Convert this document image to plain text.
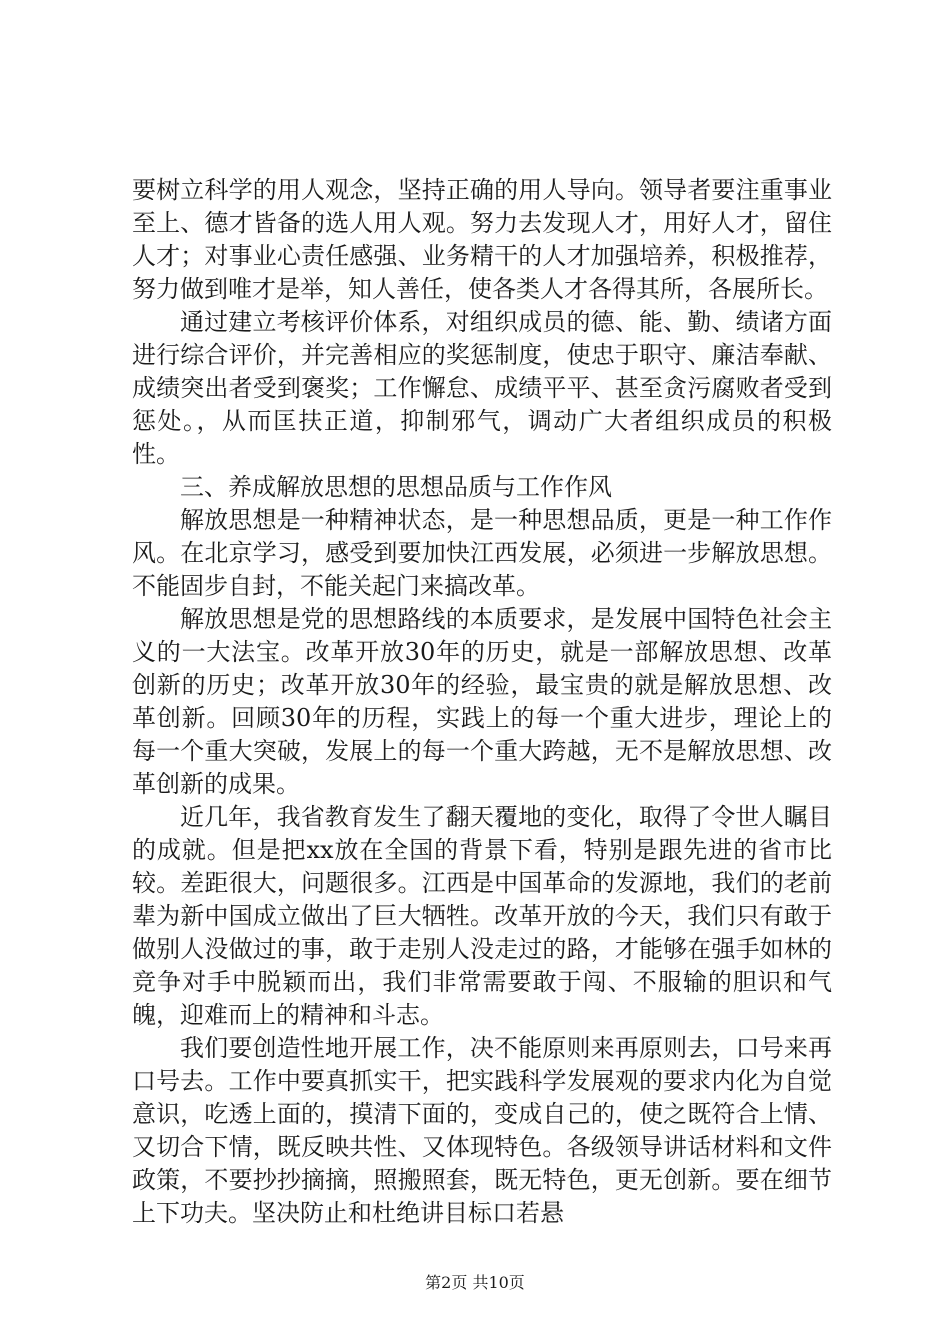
要树立科学的用人观念，坚持正确的用人导向。领导者要注重事业至上、德才皆备的选人用人观。努力去发现人才，用好人才，留住人才；对事业心责任感强、业务精干的人才加强培养，积极推荐，努力做到唯才是举，知人善任，使各类人才各得其所，各展所长。

通过建立考核评价体系，对组织成员的德、能、勤、绩诸方面进行综合评价，并完善相应的奖惩制度，使忠于职守、廉洁奉献、成绩突出者受到褒奖；工作懈怠、成绩平平、甚至贪污腐败者受到惩处。，从而匡扶正道，抑制邪气，调动广大者组织成员的积极性。

三、养成解放思想的思想品质与工作作风

解放思想是一种精神状态，是一种思想品质，更是一种工作作风。在北京学习，感受到要加快江西发展，必须进一步解放思想。不能固步自封，不能关起门来搞改革。

解放思想是党的思想路线的本质要求，是发展中国特色社会主义的一大法宝。改革开放30年的历史，就是一部解放思想、改革创新的历史；改革开放30年的经验，最宝贵的就是解放思想、改革创新。回顾30年的历程，实践上的每一个重大进步，理论上的每一个重大突破，发展上的每一个重大跨越，无不是解放思想、改革创新的成果。

近几年，我省教育发生了翻天覆地的变化，取得了令世人瞩目的成就。但是把xx放在全国的背景下看，特别是跟先进的省市比较。差距很大，问题很多。江西是中国革命的发源地，我们的老前辈为新中国成立做出了巨大牺牲。改革开放的今天，我们只有敢于做别人没做过的事，敢于走别人没走过的路，才能够在强手如林的竞争对手中脱颖而出，我们非常需要敢于闯、不服输的胆识和气魄，迎难而上的精神和斗志。

我们要创造性地开展工作，决不能原则来再原则去，口号来再口号去。工作中要真抓实干，把实践科学发展观的要求内化为自觉意识，吃透上面的，摸清下面的，变成自己的，使之既符合上情、又切合下情，既反映共性、又体现特色。各级领导讲话材料和文件政策，不要抄抄摘摘，照搬照套，既无特色，更无创新。要在细节上下功夫。坚决防止和杜绝讲目标口若悬

第2页 共10页
